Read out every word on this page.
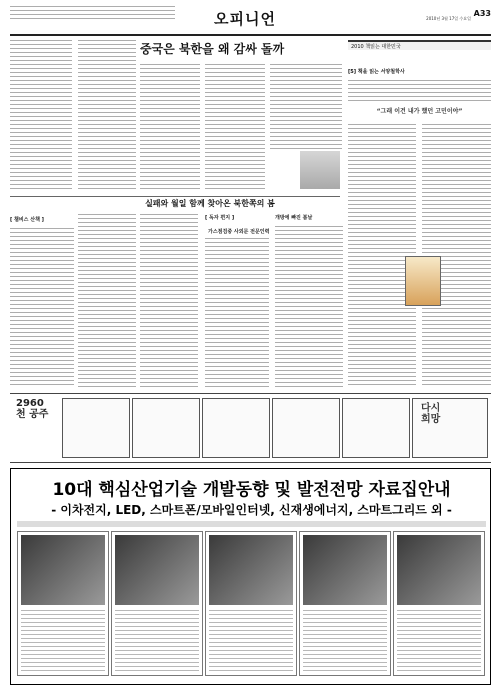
오피니언	2010년 3월 17일 수요일
A33
중국은 북한을 왜 감싸 돌까	2010 책읽는 대한민국
[5] 책을 읽는 서양철학사
“그래 이건 내가 했던 고민이야”
실패와 월일 함께 찾아온 북한쪽의 봄
[ 챔비스 산책 ]	[ 독자 편지 ]
가스점검중 사외문 전문인력
개방에 빠진 봄날
2960 천 공주
다시 희망
10대 핵심산업기술 개발동향 및 발전전망 자료집안내
- 이차전지, LED, 스마트폰/모바일인터넷, 신재생에너지, 스마트그리드 외 -
